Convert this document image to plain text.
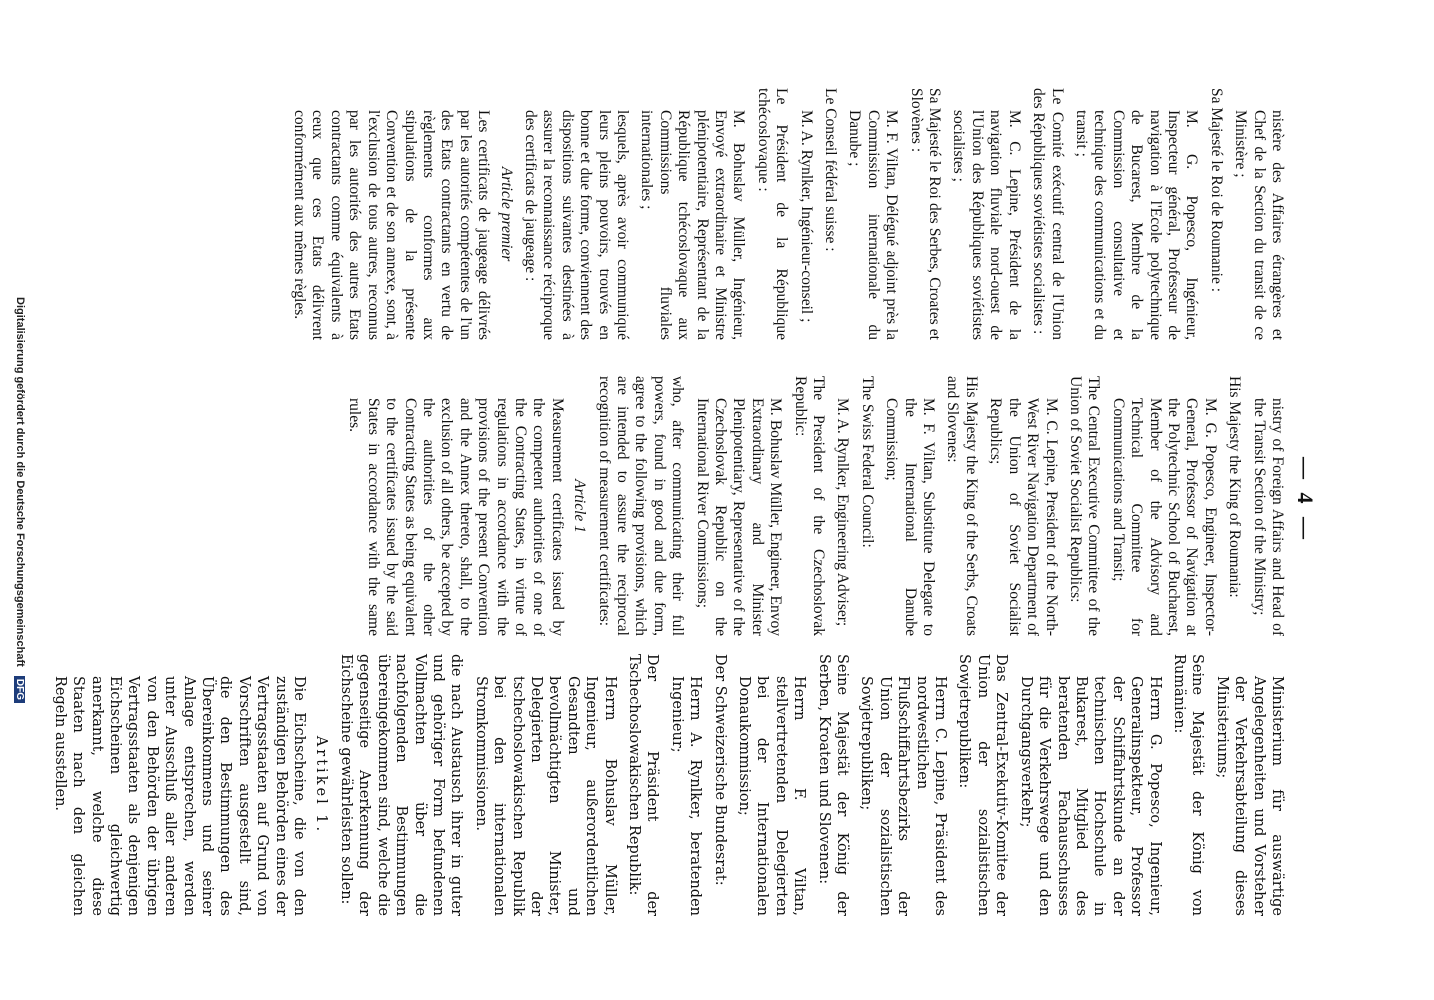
— 4 —

nistère des Affaires étrangères et Chef de la Section du transit de ce Ministère ;

Sa Majesté le Roi de Roumanie :

M. G. Popesco, Ingénieur, Inspecteur général, Professeur de navigation à l'Ecole polytechnique de Bucarest, Membre de la Commission consultative et technique des communications et du transit ;

Le Comité exécutif central de l'Union des Républiques soviétistes socialistes :

M. C. Lepine, Président de la navigation fluviale nord-ouest de l'Union des Républiques soviétistes socialistes ;

Sa Majesté le Roi des Serbes, Croates et Slovènes :

M. F. Viltan, Délégué adjoint près la Commission internationale du Danube ;

Le Conseil fédéral suisse :

M. A. Rynlker, Ingénieur-conseil ;

Le Président de la République tchécoslovaque :

M. Bohuslav Müller, Ingénieur, Envoyé extraordinaire et Ministre plénipotentiaire, Représentant de la République tchécoslovaque aux Commissions fluviales internationales ;

lesquels, après avoir communiqué leurs pleins pouvoirs, trouvés en bonne et due forme, conviennent des dispositions suivantes destinées à assurer la reconnaissance réciproque des certificats de jaugeage :

Article premier

Les certificats de jaugeage délivrés par les autorités compétentes de l'un des Etats contractants en vertu de règlements conformes aux stipulations de la présente Convention et de son annexe, sont, à l'exclusion de tous autres, reconnus par les autorités des autres Etats contractants comme équivalents à ceux que ces Etats délivrent conformément aux mêmes règles.

nistry of Foreign Affairs and Head of the Transit Section of the Ministry;

His Majesty the King of Roumania:

M. G. Popesco, Engineer, Inspector-General, Professor of Navigation at the Polytechnic School of Bucharest, Member of the Advisory and Technical Committee for Communications and Transit;

The Central Executive Committee of the Union of Soviet Socialist Republics:

M. C. Lepine, President of the North-West River Navigation Department of the Union of Soviet Socialist Republics;

His Majesty the King of the Serbs, Croats and Slovenes:

M. F. Viltan, Substitute Delegate to the International Danube Commission;

The Swiss Federal Council:

M. A. Rynlker, Engineering Adviser;

The President of the Czechoslovak Republic:

M. Bohuslav Müller, Engineer, Envoy Extraordinary and Minister Plenipotentiary, Representative of the Czechoslovak Republic on the International River Commissions;

who, after communicating their full powers, found in good and due form, agree to the following provisions, which are intended to assure the reciprocal recognition of measurement certificates:

Article 1

Measurement certificates issued by the competent authorities of one of the Contracting States, in virtue of regulations in accordance with the provisions of the present Convention and the Annex thereto, shall, to the exclusion of all others, be accepted by the authorities of the other Contracting States as being equivalent to the certificates issued by the said States in accordance with the same rules.

Ministerium für auswärtige Angelegenheiten und Vorsteher der Verkehrsabteilung dieses Ministeriums;

Seine Majestät der König von Rumänien:

Herrn G. Popesco, Ingenieur, Generalinspekteur, Professor der Schiffahrtskunde an der technischen Hochschule in Bukarest, Mitglied des beratenden Fachausschusses für die Verkehrswege und den Durchgangsverkehr;

Das Zentral-Exekutiv-Komitee der Union der sozialistischen Sowjetrepubliken:

Herrn C. Lepine, Präsident des nordwestlichen Flußschiffahrtsbezirks der Union der sozialistischen Sowjetrepubliken;

Seine Majestät der König der Serben, Kroaten und Slovenen:

Herrn F. Viltan, stellvertretenden Delegierten bei der Internationalen Donaukommission;

Der Schweizerische Bundesrat:

Herrn A. Rynlker, beratenden Ingenieur;

Der Präsident der Tschechoslowakischen Republik:

Herrn Bohuslav Müller, Ingenieur, außerordentlichen Gesandten und bevollmächtigten Minister, Delegierten der tschechoslowakischen Republik bei den internationalen Stromkommissionen.

die nach Austausch ihrer in guter und gehöriger Form befundenen Vollmachten über die nachfolgenden Bestimmungen übereingekommen sind, welche die gegenseitige Anerkennung der Eichscheine gewährleisten sollen:

Artikel 1.

Die Eichscheine, die von den zuständigen Behörden eines der Vertragsstaaten auf Grund von Vorschriften ausgestellt sind, die den Bestimmungen des Übereinkommens und seiner Anlage entsprechen, werden unter Ausschluß aller anderen von den Behörden der übrigen Vertragsstaaten als denjenigen Eichscheinen gleichwertig anerkannt, welche diese Staaten nach den gleichen Regeln ausstellen.

Digitalisierung gefördert durch die Deutsche Forschungsgemeinschaft DFG
